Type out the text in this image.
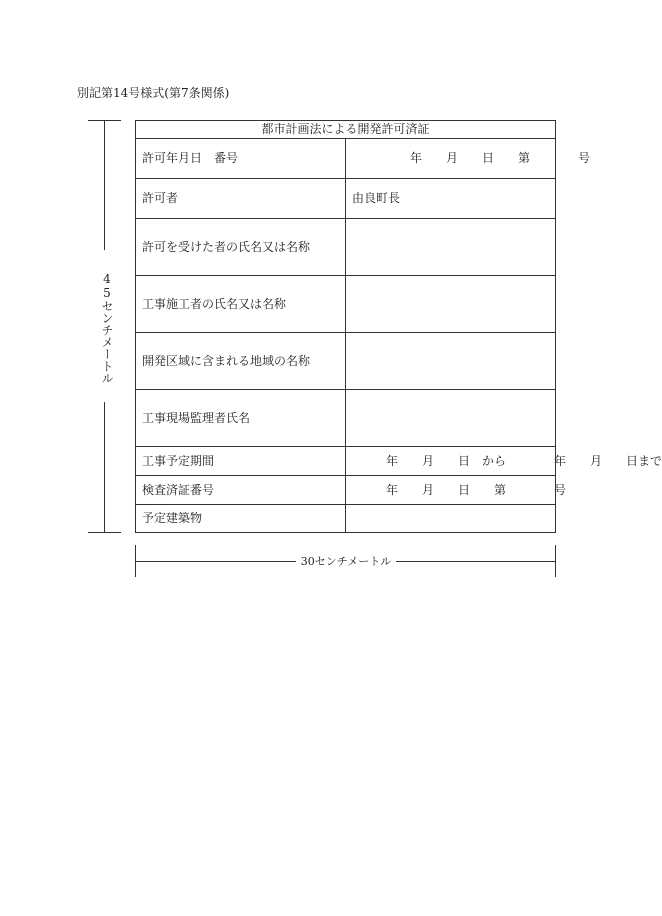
別記第14号様式(第7条関係)
45センチメートル
都市計画法による開発許可済証	
許可年月日　番号	年　　月　　日　　第　　　　号
許可者	由良町長
許可を受けた者の氏名又は名称	
工事施工者の氏名又は名称	
開発区域に含まれる地域の名称	
工事現場監理者氏名	
工事予定期間	年　　月　　日　から　　　　年　　月　　日まで
検査済証番号	年　　月　　日　　第　　　　号
予定建築物	
30センチメートル
